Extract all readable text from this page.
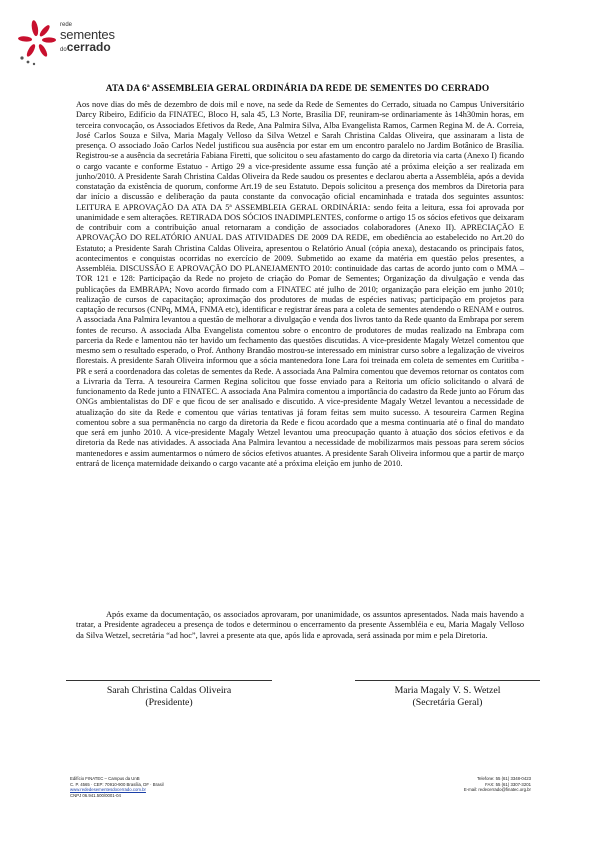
rede
sementes
docerrado
ATA DA 6ª ASSEMBLEIA GERAL ORDINÁRIA DA REDE DE SEMENTES DO CERRADO

Aos nove dias do mês de dezembro de dois mil e nove, na sede da Rede de Sementes do Cerrado, situada no Campus Universitário Darcy Ribeiro, Edifício da FINATEC, Bloco H, sala 45, L3 Norte, Brasília DF, reuniram-se ordinariamente às 14h30min horas, em terceira convocação, os Associados Efetivos da Rede, Ana Palmira Silva, Alba Evangelista Ramos, Carmen Regina M. de A. Correia, José Carlos Souza e Silva, Maria Magaly Velloso da Silva Wetzel e Sarah Christina Caldas Oliveira, que assinaram a lista de presença. O associado João Carlos Nedel justificou sua ausência por estar em um encontro paralelo no Jardim Botânico de Brasília. Registrou-se a ausência da secretária Fabiana Firetti, que solicitou o seu afastamento do cargo da diretoria via carta (Anexo I) ficando o cargo vacante e conforme Estatuo - Artigo 29 a vice-presidente assume essa função até a próxima eleição a ser realizada em junho/2010. A Presidente Sarah Christina Caldas Oliveira da Rede saudou os presentes e declarou aberta a Assembléia, após a devida constatação da existência de quorum, conforme Art.19 de seu Estatuto. Depois solicitou a presença dos membros da Diretoria para dar início a discussão e deliberação da pauta constante da convocação oficial encaminhada e tratada dos seguintes assuntos: LEITURA E APROVAÇÃO DA ATA DA 5ª ASSEMBLEIA GERAL ORDINÁRIA: sendo feita a leitura, essa foi aprovada por unanimidade e sem alterações. RETIRADA DOS SÓCIOS INADIMPLENTES, conforme o artigo 15 os sócios efetivos que deixaram de contribuir com a contribuição anual retornaram a condição de associados colaboradores (Anexo II). APRECIAÇÃO E APROVAÇÃO DO RELATÓRIO ANUAL DAS ATIVIDADES DE 2009 DA REDE, em obediência ao estabelecido no Art.20 do Estatuto; a Presidente Sarah Christina Caldas Oliveira, apresentou o Relatório Anual (cópia anexa), destacando os principais fatos, acontecimentos e conquistas ocorridas no exercício de 2009. Submetido ao exame da matéria em questão pelos presentes, a Assembléia. DISCUSSÃO E APROVAÇÃO DO PLANEJAMENTO 2010: continuidade das cartas de acordo junto com o MMA – TOR 121 e 128: Participação da Rede no projeto de criação do Pomar de Sementes; Organização da divulgação e venda das publicações da EMBRAPA; Novo acordo firmado com a FINATEC até julho de 2010; organização para eleição em junho 2010; realização de cursos de capacitação; aproximação dos produtores de mudas de espécies nativas; participação em projetos para captação de recursos (CNPq, MMA, FNMA etc), identificar e registrar áreas para a coleta de sementes atendendo o RENAM e outros. A associada Ana Palmira levantou a questão de melhorar a divulgação e venda dos livros tanto da Rede quanto da Embrapa por serem fontes de recurso. A associada Alba Evangelista comentou sobre o encontro de produtores de mudas realizado na Embrapa com parceria da Rede e lamentou não ter havido um fechamento das questões discutidas. A vice-presidente Magaly Wetzel comentou que mesmo sem o resultado esperado, o Prof. Anthony Brandão mostrou-se interessado em ministrar curso sobre a legalização de viveiros florestais. A presidente Sarah Oliveira informou que a sócia mantenedora Ione Lara foi treinada em coleta de sementes em Curitiba -PR e será a coordenadora das coletas de sementes da Rede. A associada Ana Palmira comentou que devemos retornar os contatos com a Livraria da Terra. A tesoureira Carmen Regina solicitou que fosse enviado para a Reitoria um ofício solicitando o alvará de funcionamento da Rede junto a FINATEC. A associada Ana Palmira comentou a importância do cadastro da Rede junto ao Fórum das ONGs ambientalistas do DF e que ficou de ser analisado e discutido. A vice-presidente Magaly Wetzel levantou a necessidade de atualização do site da Rede e comentou que várias tentativas já foram feitas sem muito sucesso. A tesoureira Carmen Regina comentou sobre a sua permanência no cargo da diretoria da Rede e ficou acordado que a mesma continuaria até o final do mandato que será em junho 2010. A vice-presidente Magaly Wetzel levantou uma preocupação quanto à atuação dos sócios efetivos e da diretoria da Rede nas atividades. A associada Ana Palmira levantou a necessidade de mobilizarmos mais pessoas para serem sócios mantenedores e assim aumentarmos o número de sócios efetivos atuantes. A presidente Sarah Oliveira informou que a partir de março entrará de licença maternidade deixando o cargo vacante até a próxima eleição em junho de 2010.

Após exame da documentação, os associados aprovaram, por unanimidade, os assuntos apresentados. Nada mais havendo a tratar, a Presidente agradeceu a presença de todos e determinou o encerramento da presente Assembléia e eu, Maria Magaly Velloso da Silva Wetzel, secretária “ad hoc”, lavrei a presente ata que, após lida e aprovada, será assinada por mim e pela Diretoria.
Sarah Christina Caldas Oliveira
(Presidente)
Maria Magaly V. S. Wetzel
(Secretária Geral)
Edifício FINATEC – Campus da UnB
C. P. 4565 · CEP: 70910-900 Brasília, DF · Brasil
www.rededesementesdocerrado.com.br
CNPJ 06.941.500/0001-04
Telefone: 55 (61) 3348-0423
FAX: 55 (61) 3307-3201
E-mail: redecerrado@finatec.org.br
